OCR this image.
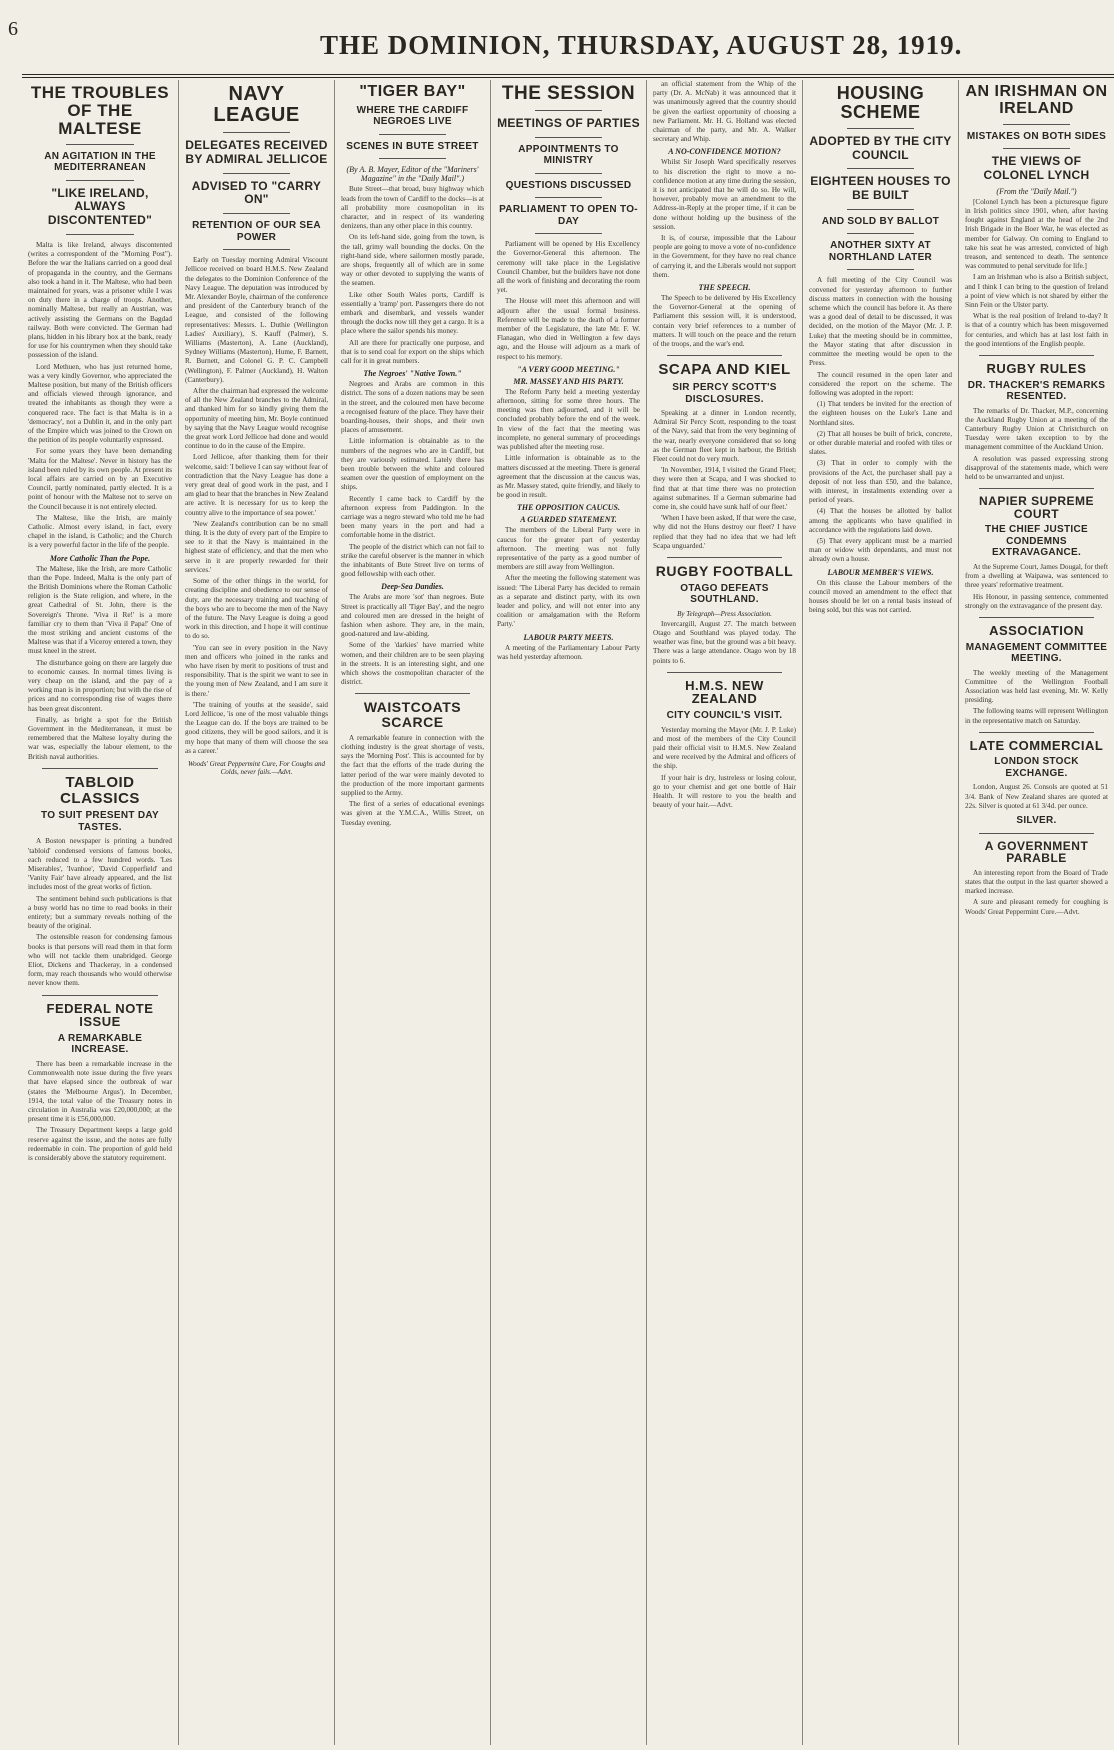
6
THE DOMINION, THURSDAY, AUGUST 28, 1919.
THE TROUBLES OF THE MALTESE
AN AGITATION IN THE MEDITERRANEAN
"LIKE IRELAND, ALWAYS DISCONTENTED"

Malta is like Ireland, always discontented (writes a correspondent of the "Morning Post"). Before the war the Italians carried on a good deal of propaganda in the country, and the Germans also took a hand in it. The Maltese, who had been maintained for years, was a prisoner while I was on duty there in a charge of troops. Another, nominally Maltese, but really an Austrian, was actively assisting the Germans on the Bagdad railway. Both were convicted. The German had plans, hidden in his library box at the bank, ready for use for his countrymen when they should take possession of the island.

Lord Methuen, who has just returned home, was a very kindly Governor, who appreciated the Maltese position, but many of the British officers and officials viewed through ignorance, and treated the inhabitants as though they were a conquered race. The fact is that Malta is in a 'democracy', not a Dublin it, and in the only part of the Empire which was joined to the Crown on the petition of its people voluntarily expressed.

For some years they have been demanding 'Malta for the Maltese'. Never in history has the island been ruled by its own people. At present its local affairs are carried on by an Executive Council, partly nominated, partly elected. It is a point of honour with the Maltese not to serve on the Council because it is not entirely elected.

The Maltese, like the Irish, are mainly Catholic. Almost every island, in fact, every chapel in the island, is Catholic; and the Church is a very powerful factor in the life of the people.

More Catholic Than the Pope.

The Maltese, like the Irish, are more Catholic than the Pope. Indeed, Malta is the only part of the British Dominions where the Roman Catholic religion is the State religion, and where, in the great Cathedral of St. John, there is the Sovereign's Throne. 'Viva il Re!' is a more familiar cry to them than 'Viva il Papa!' One of the most striking and ancient customs of the Maltese was that if a Viceroy entered a town, they must kneel in the street.

The disturbance going on there are largely due to economic causes. In normal times living is very cheap on the island, and the pay of a working man is in proportion; but with the rise of prices and no corresponding rise of wages there has been great discontent.

Finally, as bright a spot for the British Government in the Mediterranean, it must be remembered that the Maltese loyalty during the war was, especially the labour element, to the British naval authorities.

TABLOID CLASSICS
TO SUIT PRESENT DAY TASTES.

A Boston newspaper is printing a hundred 'tabloid' condensed versions of famous books, each reduced to a few hundred words. 'Les Miserables', 'Ivanhoe', 'David Copperfield' and 'Vanity Fair' have already appeared, and the list includes most of the great works of fiction.

The sentiment behind such publications is that a busy world has no time to read books in their entirety; but a summary reveals nothing of the beauty of the original.

The ostensible reason for condensing famous books is that persons will read them in that form who will not tackle them unabridged. George Eliot, Dickens and Thackeray, in a condensed form, may reach thousands who would otherwise never know them.

FEDERAL NOTE ISSUE
A REMARKABLE INCREASE.

There has been a remarkable increase in the Commonwealth note issue during the five years that have elapsed since the outbreak of war (states the 'Melbourne Argus'). In December, 1914, the total value of the Treasury notes in circulation in Australia was £20,000,000; at the present time it is £56,000,000.

The Treasury Department keeps a large gold reserve against the issue, and the notes are fully redeemable in coin. The proportion of gold held is considerably above the statutory requirement.

NAVY LEAGUE
DELEGATES RECEIVED BY ADMIRAL JELLICOE
ADVISED TO "CARRY ON"
RETENTION OF OUR SEA POWER

Early on Tuesday morning Admiral Viscount Jellicoe received on board H.M.S. New Zealand the delegates to the Dominion Conference of the Navy League. The deputation was introduced by Mr. Alexander Boyle, chairman of the conference and president of the Canterbury branch of the League, and consisted of the following representatives: Messrs. L. Duthie (Wellington Ladies' Auxiliary), S. Kauff (Palmer), S. Williams (Masterton), A. Lane (Auckland), Sydney Williams (Masterton), Hume, F. Barnett, R. Burnett, and Colonel G. P. C. Campbell (Wellington), F. Palmer (Auckland), H. Walton (Canterbury).

After the chairman had expressed the welcome of all the New Zealand branches to the Admiral, and thanked him for so kindly giving them the opportunity of meeting him, Mr. Boyle continued by saying that the Navy League would recognise the great work Lord Jellicoe had done and would continue to do in the cause of the Empire.

Lord Jellicoe, after thanking them for their welcome, said: 'I believe I can say without fear of contradiction that the Navy League has done a very great deal of good work in the past, and I am glad to hear that the branches in New Zealand are active. It is necessary for us to keep the country alive to the importance of sea power.'

'New Zealand's contribution can be no small thing. It is the duty of every part of the Empire to see to it that the Navy is maintained in the highest state of efficiency, and that the men who serve in it are properly rewarded for their services.'

Some of the other things in the world, for creating discipline and obedience to our sense of duty, are the necessary training and teaching of the boys who are to become the men of the Navy of the future. The Navy League is doing a good work in this direction, and I hope it will continue to do so.

'You can see in every position in the Navy men and officers who joined in the ranks and who have risen by merit to positions of trust and responsibility. That is the spirit we want to see in the young men of New Zealand, and I am sure it is there.'

'The training of youths at the seaside', said Lord Jellicoe, 'is one of the most valuable things the League can do. If the boys are trained to be good citizens, they will be good sailors, and it is my hope that many of them will choose the sea as a career.'

Woods' Great Peppermint Cure, For Coughs and Colds, never fails.—Advt.
"TIGER BAY"
WHERE THE CARDIFF NEGROES LIVE
SCENES IN BUTE STREET
(By A. B. Mayer, Editor of the "Mariners' Magazine" in the "Daily Mail".)

Bute Street—that broad, busy highway which leads from the town of Cardiff to the docks—is at all probability more cosmopolitan in its character, and in respect of its wandering denizens, than any other place in this country.

On its left-hand side, going from the town, is the tall, grimy wall bounding the docks. On the right-hand side, where sailormen mostly parade, are shops, frequently all of which are in some way or other devoted to supplying the wants of the seamen.

Like other South Wales ports, Cardiff is essentially a 'tramp' port. Passengers there do not embark and disembark, and vessels wander through the docks now till they get a cargo. It is a place where the sailor spends his money.

All are there for practically one purpose, and that is to send coal for export on the ships which call for it in great numbers.

The Negroes' "Native Town."

Negroes and Arabs are common in this district. The sons of a dozen nations may be seen in the street, and the coloured men have become a recognised feature of the place. They have their boarding-houses, their shops, and their own places of amusement.

Little information is obtainable as to the numbers of the negroes who are in Cardiff, but they are variously estimated. Lately there has been trouble between the white and coloured seamen over the question of employment on the ships.

Recently I came back to Cardiff by the afternoon express from Paddington. In the carriage was a negro steward who told me he had been many years in the port and had a comfortable home in the district.

The people of the district which can not fail to strike the careful observer is the manner in which the inhabitants of Bute Street live on terms of good fellowship with each other.

Deep-Sea Dandies.

The Arabs are more 'sot' than negroes. Bute Street is practically all 'Tiger Bay', and the negro and coloured men are dressed in the height of fashion when ashore. They are, in the main, good-natured and law-abiding.

Some of the 'darkies' have married white women, and their children are to be seen playing in the streets. It is an interesting sight, and one which shows the cosmopolitan character of the district.

WAISTCOATS SCARCE

A remarkable feature in connection with the clothing industry is the great shortage of vests, says the 'Morning Post'. This is accounted for by the fact that the efforts of the trade during the latter period of the war were mainly devoted to the production of the more important garments supplied to the Army.

The first of a series of educational evenings was given at the Y.M.C.A., Willis Street, on Tuesday evening.

THE SESSION
MEETINGS OF PARTIES
APPOINTMENTS TO MINISTRY
QUESTIONS DISCUSSED
PARLIAMENT TO OPEN TO-DAY

Parliament will be opened by His Excellency the Governor-General this afternoon. The ceremony will take place in the Legislative Council Chamber, but the builders have not done all the work of finishing and decorating the room yet.

The House will meet this afternoon and will adjourn after the usual formal business. Reference will be made to the death of a former member of the Legislature, the late Mr. F. W. Flanagan, who died in Wellington a few days ago, and the House will adjourn as a mark of respect to his memory.

"A VERY GOOD MEETING."
MR. MASSEY AND HIS PARTY.

The Reform Party held a meeting yesterday afternoon, sitting for some three hours. The meeting was then adjourned, and it will be concluded probably before the end of the week. In view of the fact that the meeting was incomplete, no general summary of proceedings was published after the meeting rose.

Little information is obtainable as to the matters discussed at the meeting. There is general agreement that the discussion at the caucus was, as Mr. Massey stated, quite friendly, and likely to be good in result.

THE OPPOSITION CAUCUS.
A GUARDED STATEMENT.

The members of the Liberal Party were in caucus for the greater part of yesterday afternoon. The meeting was not fully representative of the party as a good number of members are still away from Wellington.

After the meeting the following statement was issued: 'The Liberal Party has decided to remain as a separate and distinct party, with its own leader and policy, and will not enter into any coalition or amalgamation with the Reform Party.'

LABOUR PARTY MEETS.

A meeting of the Parliamentary Labour Party was held yesterday afternoon.

an official statement from the Whip of the party (Dr. A. McNab) it was announced that it was unanimously agreed that the country should be given the earliest opportunity of choosing a new Parliament. Mr. H. G. Holland was elected chairman of the party, and Mr. A. Walker secretary and Whip.

A NO-CONFIDENCE MOTION?

Whilst Sir Joseph Ward specifically reserves to his discretion the right to move a no-confidence motion at any time during the session, it is not anticipated that he will do so. He will, however, probably move an amendment to the Address-in-Reply at the proper time, if it can be done without holding up the business of the session.

It is, of course, impossible that the Labour people are going to move a vote of no-confidence in the Government, for they have no real chance of carrying it, and the Liberals would not support them.

THE SPEECH.

The Speech to be delivered by His Excellency the Governor-General at the opening of Parliament this session will, it is understood, contain very brief references to a number of matters. It will touch on the peace and the return of the troops, and the war's end.

SCAPA AND KIEL
SIR PERCY SCOTT'S DISCLOSURES.

Speaking at a dinner in London recently, Admiral Sir Percy Scott, responding to the toast of the Navy, said that from the very beginning of the war, nearly everyone considered that so long as the German fleet kept in harbour, the British Fleet could not do very much.

'In November, 1914, I visited the Grand Fleet; they were then at Scapa, and I was shocked to find that at that time there was no protection against submarines. If a German submarine had come in, she could have sunk half of our fleet.'

'When I have been asked, If that were the case, why did not the Huns destroy our fleet? I have replied that they had no idea that we had left Scapa unguarded.'

RUGBY FOOTBALL
OTAGO DEFEATS SOUTHLAND.
By Telegraph—Press Association.

Invercargill, August 27. The match between Otago and Southland was played today. The weather was fine, but the ground was a bit heavy. There was a large attendance. Otago won by 18 points to 6.

H.M.S. NEW ZEALAND
CITY COUNCIL'S VISIT.

Yesterday morning the Mayor (Mr. J. P. Luke) and most of the members of the City Council paid their official visit to H.M.S. New Zealand and were received by the Admiral and officers of the ship.

If your hair is dry, lustreless or losing colour, go to your chemist and get one bottle of Hair Health. It will restore to you the health and beauty of your hair.—Advt.

HOUSING SCHEME
ADOPTED BY THE CITY COUNCIL
EIGHTEEN HOUSES TO BE BUILT
AND SOLD BY BALLOT
ANOTHER SIXTY AT NORTHLAND LATER

A full meeting of the City Council was convened for yesterday afternoon to further discuss matters in connection with the housing scheme which the council has before it. As there was a good deal of detail to be discussed, it was decided, on the motion of the Mayor (Mr. J. P. Luke) that the meeting should be in committee, the Mayor stating that after discussion in committee the meeting would be open to the Press.

The council resumed in the open later and considered the report on the scheme. The following was adopted in the report:

(1) That tenders be invited for the erection of the eighteen houses on the Luke's Lane and Northland sites.

(2) That all houses be built of brick, concrete, or other durable material and roofed with tiles or slates.

(3) That in order to comply with the provisions of the Act, the purchaser shall pay a deposit of not less than £50, and the balance, with interest, in instalments extending over a period of years.

(4) That the houses be allotted by ballot among the applicants who have qualified in accordance with the regulations laid down.

(5) That every applicant must be a married man or widow with dependants, and must not already own a house.

LABOUR MEMBER'S VIEWS.

On this clause the Labour members of the council moved an amendment to the effect that houses should be let on a rental basis instead of being sold, but this was not carried.

AN IRISHMAN ON IRELAND
MISTAKES ON BOTH SIDES
THE VIEWS OF COLONEL LYNCH
(From the "Daily Mail.")

[Colonel Lynch has been a picturesque figure in Irish politics since 1901, when, after having fought against England at the head of the 2nd Irish Brigade in the Boer War, he was elected as member for Galway. On coming to England to take his seat he was arrested, convicted of high treason, and sentenced to death. The sentence was commuted to penal servitude for life.]

I am an Irishman who is also a British subject, and I think I can bring to the question of Ireland a point of view which is not shared by either the Sinn Fein or the Ulster party.

What is the real position of Ireland to-day? It is that of a country which has been misgoverned for centuries, and which has at last lost faith in the good intentions of the English people.

RUGBY RULES
DR. THACKER'S REMARKS RESENTED.

The remarks of Dr. Thacker, M.P., concerning the Auckland Rugby Union at a meeting of the Canterbury Rugby Union at Christchurch on Tuesday were taken exception to by the management committee of the Auckland Union.

A resolution was passed expressing strong disapproval of the statements made, which were held to be unwarranted and unjust.

NAPIER SUPREME COURT
THE CHIEF JUSTICE CONDEMNS EXTRAVAGANCE.

At the Supreme Court, James Dougal, for theft from a dwelling at Waipawa, was sentenced to three years' reformative treatment.

His Honour, in passing sentence, commented strongly on the extravagance of the present day.

ASSOCIATION
MANAGEMENT COMMITTEE MEETING.

The weekly meeting of the Management Committee of the Wellington Football Association was held last evening, Mr. W. Kelly presiding.

The following teams will represent Wellington in the representative match on Saturday.

LATE COMMERCIAL
LONDON STOCK EXCHANGE.

London, August 26. Consols are quoted at 51 3/4. Bank of New Zealand shares are quoted at 22s. Silver is quoted at 61 3/4d. per ounce.

SILVER.
A GOVERNMENT PARABLE

An interesting report from the Board of Trade states that the output in the last quarter showed a marked increase.

A sure and pleasant remedy for coughing is Woods' Great Peppermint Cure.—Advt.
